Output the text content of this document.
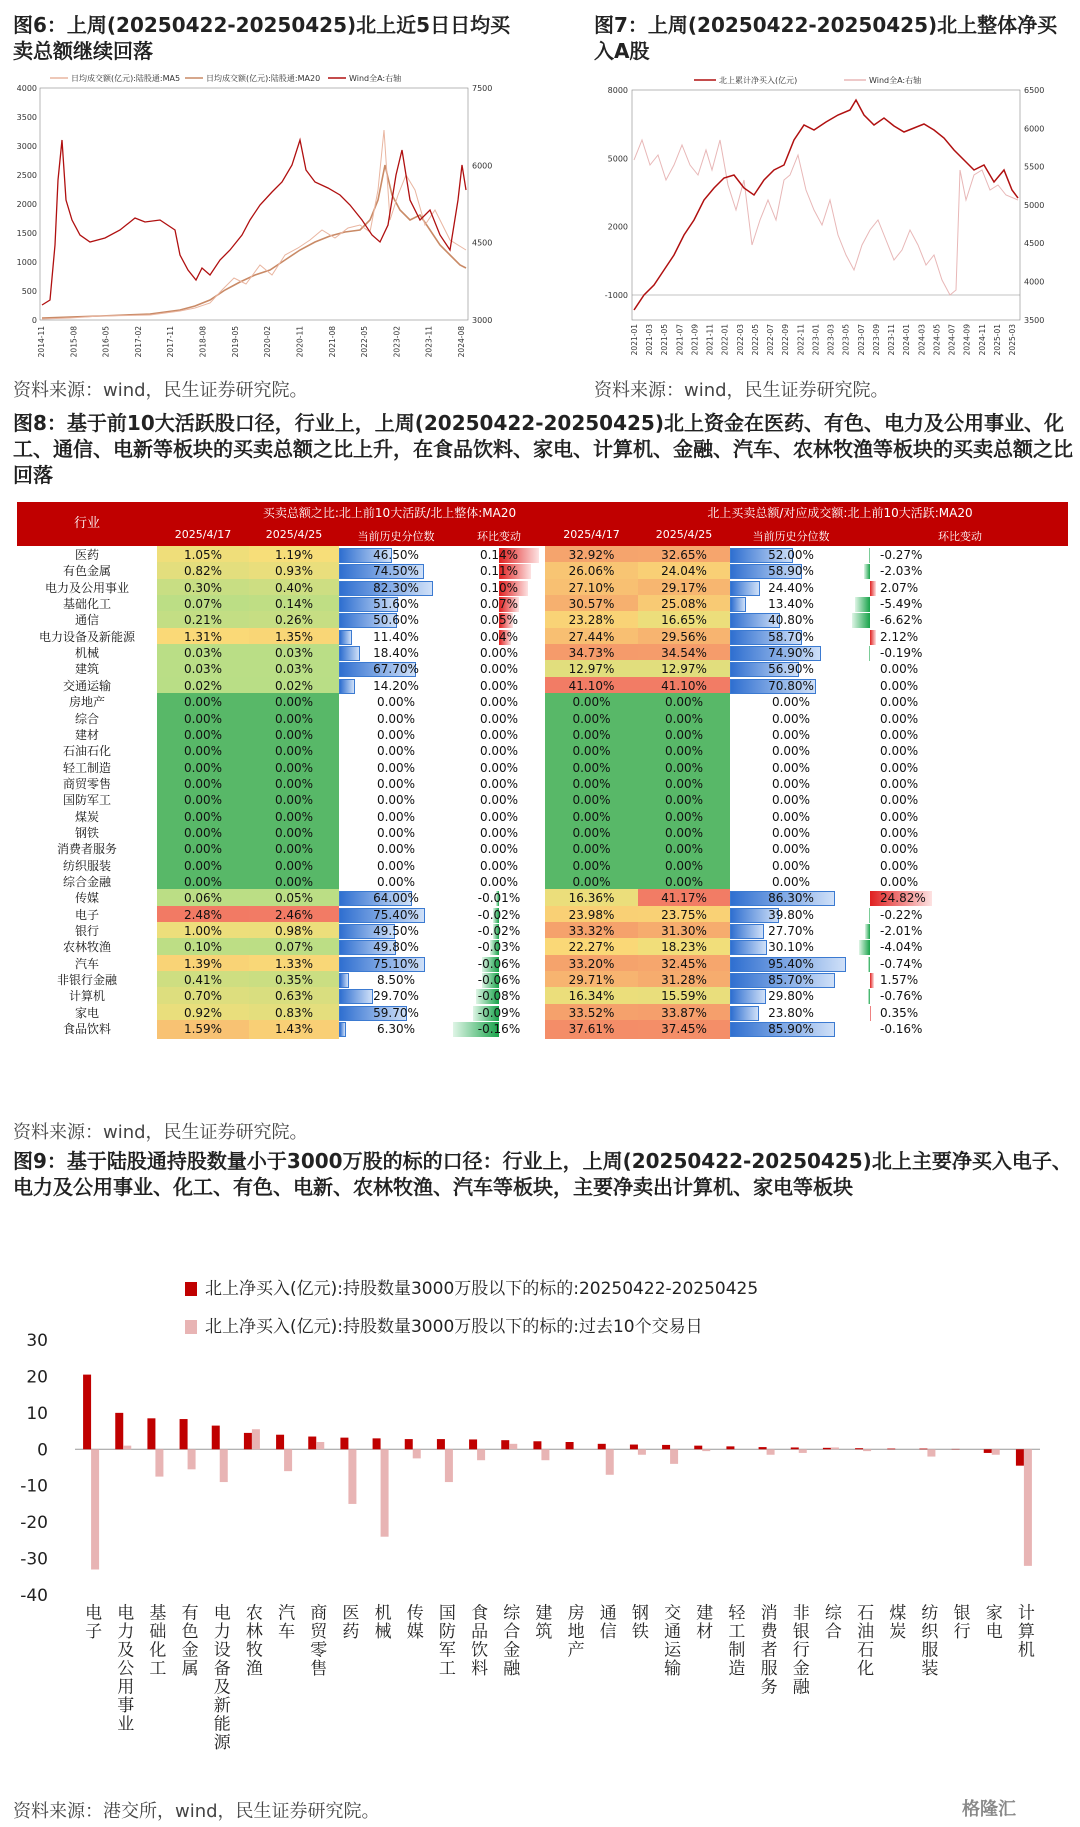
图6：上周(20250422-20250425)北上近5日日均买卖总额继续回落
日均成交额(亿元):陆股通:MA5	日均成交额(亿元):陆股通:MA20	Wind全A:右轴
4000
3500
3000
2500
2000
1500
1000
500
0
7500
6000
4500
3000
2014-11	2015-08	2016-05	2017-02	2017-11	2018-08	2019-05	2020-02	2020-11	2021-08	2022-05	2023-02	2023-11	2024-08
资料来源：wind，民生证券研究院。
图7：上周(20250422-20250425)北上整体净买入A股
北上累计净买入(亿元)	Wind全A:右轴
8000
5000
2000
-1000
6500
6000
5500
5000
4500
4000
3500
2021-01 2021-03 2021-05 2021-07 2021-09 2021-11 2022-01 2022-03 2022-05 2022-07 2022-09 2022-11 2023-01 2023-03 2023-05 2023-07 2023-09 2023-11 2024-01 2024-03 2024-05 2024-07 2024-09 2024-11 2025-01 2025-03
资料来源：wind，民生证券研究院。
图8：基于前10大活跃股口径，行业上，上周(20250422-20250425)北上资金在医药、有色、电力及公用事业、化工、通信、电新等板块的买卖总额之比上升，在食品饮料、家电、计算机、金融、汽车、农林牧渔等板块的买卖总额之比回落
行业
买卖总额之比:北上前10大活跃/北上整体:MA20	北上买卖总额/对应成交额:北上前10大活跃:MA20
2025/4/17	2025/4/25	当前历史分位数	环比变动	2025/4/17	2025/4/25	当前历史分位数	环比变动
医药	1.05%	1.19%	46.50%	0.14%	32.92%	32.65%	52.00%	-0.27%
有色金属	0.82%	0.93%	74.50%	0.11%	26.06%	24.04%	58.90%	-2.03%
电力及公用事业	0.30%	0.40%	82.30%	0.10%	27.10%	29.17%	24.40%	2.07%
基础化工	0.07%	0.14%	51.60%	0.07%	30.57%	25.08%	13.40%	-5.49%
通信	0.21%	0.26%	50.60%	0.05%	23.28%	16.65%	40.80%	-6.62%
电力设备及新能源	1.31%	1.35%	11.40%	0.04%	27.44%	29.56%	58.70%	2.12%
机械	0.03%	0.03%	18.40%	0.00%	34.73%	34.54%	74.90%	-0.19%
建筑	0.03%	0.03%	67.70%	0.00%	12.97%	12.97%	56.90%	0.00%
交通运输	0.02%	0.02%	14.20%	0.00%	41.10%	41.10%	70.80%	0.00%
房地产	0.00%	0.00%	0.00%	0.00%	0.00%	0.00%	0.00%	0.00%
综合	0.00%	0.00%	0.00%	0.00%	0.00%	0.00%	0.00%	0.00%
建材	0.00%	0.00%	0.00%	0.00%	0.00%	0.00%	0.00%	0.00%
石油石化	0.00%	0.00%	0.00%	0.00%	0.00%	0.00%	0.00%	0.00%
轻工制造	0.00%	0.00%	0.00%	0.00%	0.00%	0.00%	0.00%	0.00%
商贸零售	0.00%	0.00%	0.00%	0.00%	0.00%	0.00%	0.00%	0.00%
国防军工	0.00%	0.00%	0.00%	0.00%	0.00%	0.00%	0.00%	0.00%
煤炭	0.00%	0.00%	0.00%	0.00%	0.00%	0.00%	0.00%	0.00%
钢铁	0.00%	0.00%	0.00%	0.00%	0.00%	0.00%	0.00%	0.00%
消费者服务	0.00%	0.00%	0.00%	0.00%	0.00%	0.00%	0.00%	0.00%
纺织服装	0.00%	0.00%	0.00%	0.00%	0.00%	0.00%	0.00%	0.00%
综合金融	0.00%	0.00%	0.00%	0.00%	0.00%	0.00%	0.00%	0.00%
传媒	0.06%	0.05%	64.00%	-0.01%	16.36%	41.17%	86.30%	24.82%
电子	2.48%	2.46%	75.40%	-0.02%	23.98%	23.75%	39.80%	-0.22%
银行	1.00%	0.98%	49.50%	-0.02%	33.32%	31.30%	27.70%	-2.01%
农林牧渔	0.10%	0.07%	49.80%	-0.03%	22.27%	18.23%	30.10%	-4.04%
汽车	1.39%	1.33%	75.10%	-0.06%	33.20%	32.45%	95.40%	-0.74%
非银行金融	0.41%	0.35%	8.50%	-0.06%	29.71%	31.28%	85.70%	1.57%
计算机	0.70%	0.63%	29.70%	-0.08%	16.34%	15.59%	29.80%	-0.76%
家电	0.92%	0.83%	59.70%	-0.09%	33.52%	33.87%	23.80%	0.35%
食品饮料	1.59%	1.43%	6.30%	-0.16%	37.61%	37.45%	85.90%	-0.16%
资料来源：wind，民生证券研究院。
图9：基于陆股通持股数量小于3000万股的标的口径：行业上，上周(20250422-20250425)北上主要净买入电子、电力及公用事业、化工、有色、电新、农林牧渔、汽车等板块，主要净卖出计算机、家电等板块
北上净买入(亿元):持股数量3000万股以下的标的:20250422-20250425
北上净买入(亿元):持股数量3000万股以下的标的:过去10个交易日
30
20
10
0
-10
-20
-30
-40
电子
电力及公用事业
基础化工
有色金属
电力设备及新能源
农林牧渔
汽车
商贸零售
医药
机械
传媒
国防军工
食品饮料
综合金融
建筑
房地产
通信
钢铁
交通运输
建材
轻工制造
消费者服务
非银行金融
综合
石油石化
煤炭
纺织服装
银行
家电
计算机
资料来源：港交所，wind，民生证券研究院。	格隆汇
